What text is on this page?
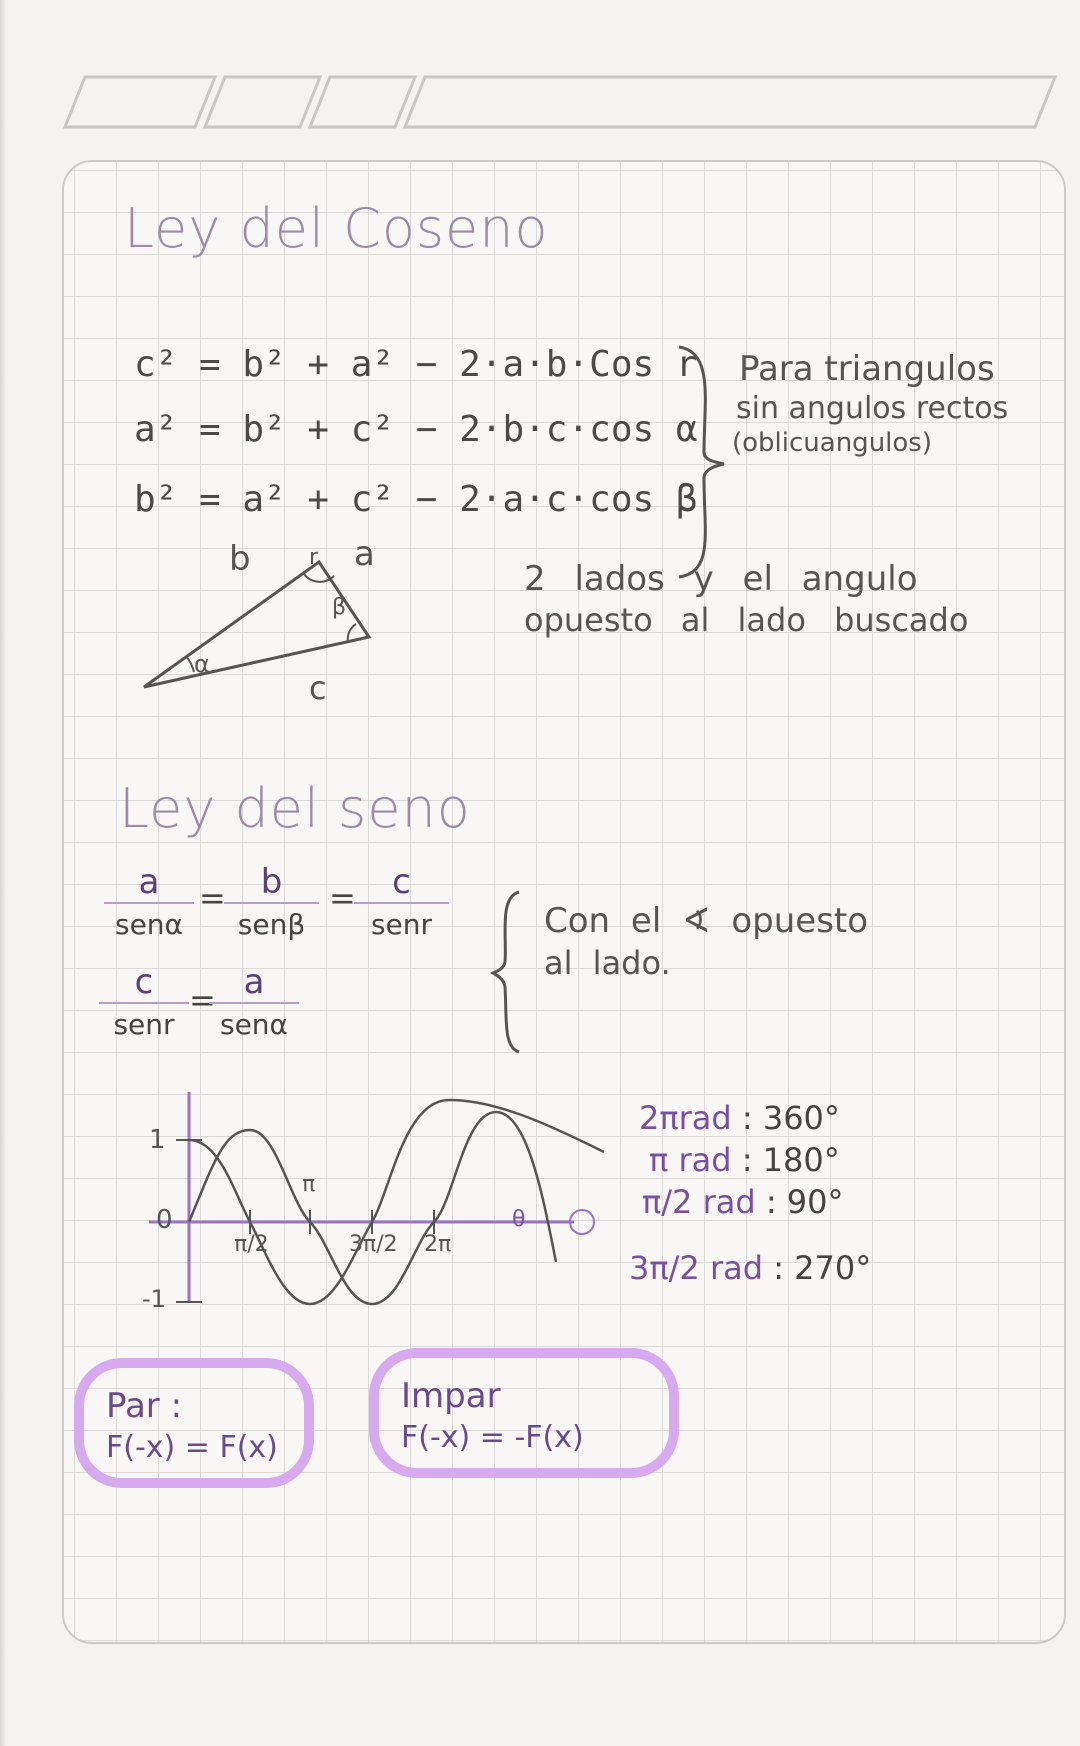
Ley del Coseno
c² = b² + a² − 2·a·b·Cos r
a² = b² + c² − 2·b·c·cos α
b² = a² + c² − 2·a·c·cos β
Para triangulos
sin angulos rectos
(oblicuangulos)
b	r a
β
α
c
2 lados y el angulo
opuesto al lado buscado
Ley del seno
a
senα
=	b
senβ
=	c
senr
c
senr
= a
senα
Con el ∢ opuesto
al lado.
1
0
-1
π/2
π
3π/2 2π
θ
2πrad : 360°
π rad : 180°
π/2 rad : 90°
3π/2 rad : 270°
Par :
F(-x) = F(x)
Impar
F(-x) = -F(x)
